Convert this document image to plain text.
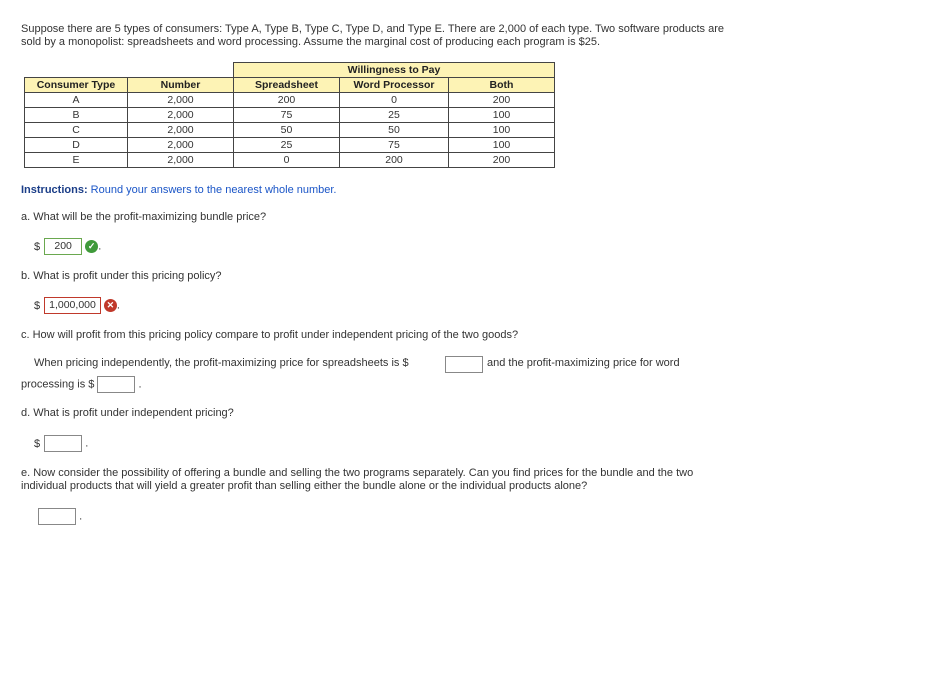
Suppose there are 5 types of consumers: Type A, Type B, Type C, Type D, and Type E. There are 2,000 of each type. Two software products are sold by a monopolist: spreadsheets and word processing. Assume the marginal cost of producing each program is $25.
		Willingness to Pay		
Consumer Type	Number	Spreadsheet	Word Processor	Both
A	2,000	200	0	200
B	2,000	75	25	100
C	2,000	50	50	100
D	2,000	25	75	100
E	2,000	0	200	200
Instructions: Round your answers to the nearest whole number.
a. What will be the profit-maximizing bundle price?
$ 200 ✓ .
b. What is profit under this pricing policy?
$ 1,000,000 ✕ .
c. How will profit from this pricing policy compare to profit under independent pricing of the two goods?
When pricing independently, the profit-maximizing price for spreadsheets is $	and the profit-maximizing price for word
processing is $	.
d. What is profit under independent pricing?
$	.
e. Now consider the possibility of offering a bundle and selling the two programs separately. Can you find prices for the bundle and the two individual products that will yield a greater profit than selling either the bundle alone or the individual products alone?
.
